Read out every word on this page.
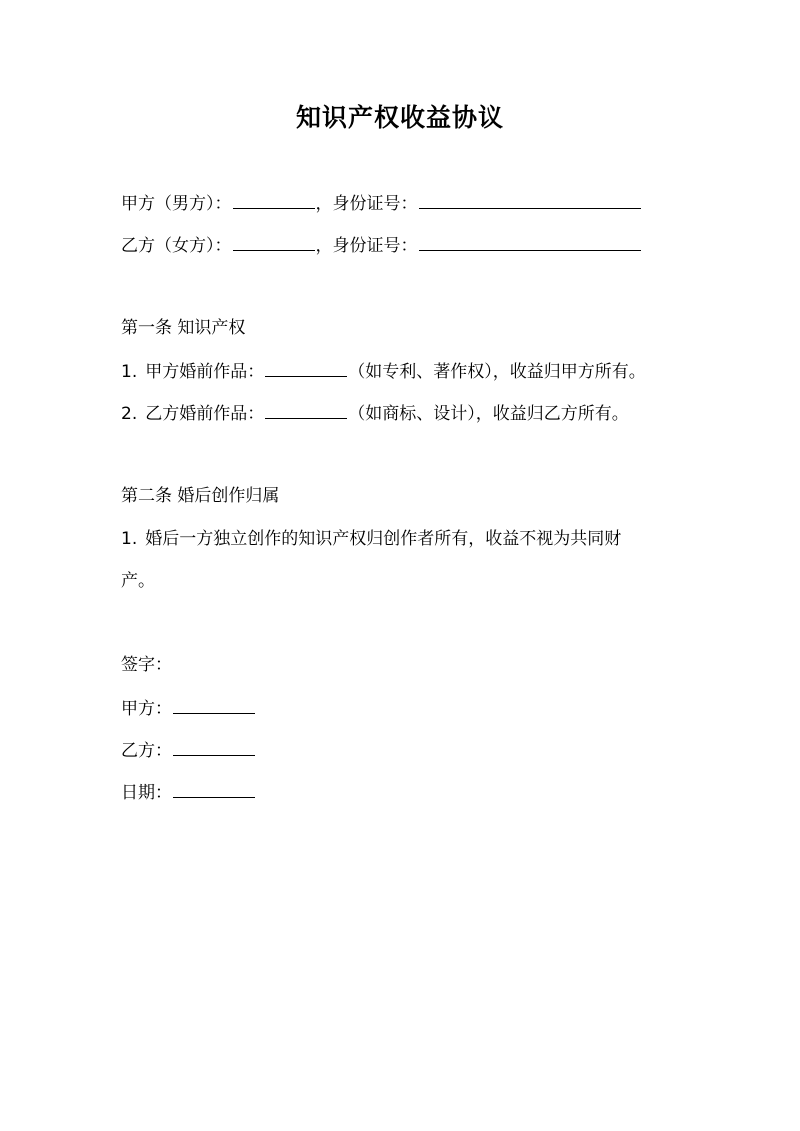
知识产权收益协议
甲方（男方）：	，身份证号：
乙方（女方）：	，身份证号：
第一条 知识产权
1. 甲方婚前作品：	（如专利、著作权），收益归甲方所有。
2. 乙方婚前作品：	（如商标、设计），收益归乙方所有。
第二条 婚后创作归属
1. 婚后一方独立创作的知识产权归创作者所有，收益不视为共同财
产。
签字：
甲方：
乙方：
日期：
